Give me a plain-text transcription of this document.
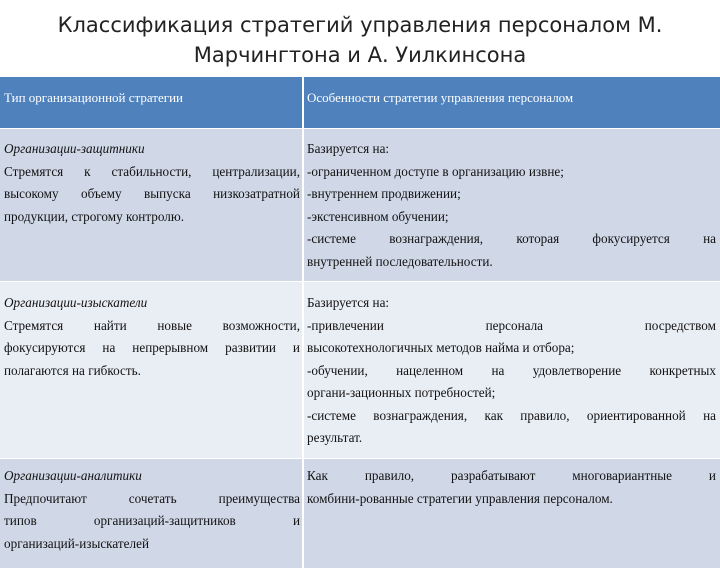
Классификация стратегий управления персоналом М.
Марчингтона и А. Уилкинсона
Тип организационной стратегии	Особенности стратегии управления персоналом
Организации-защитники
Стремятся к стабильности, централизации,
высокому объему выпуска низкозатратной
продукции, строгому контролю.
Базируется на:
-ограниченном доступе в организацию извне;
-внутреннем продвижении;
-экстенсивном обучении;
-системе вознаграждения, которая фокусируется на
внутренней последовательности.
Организации-изыскатели
Стремятся найти новые возможности,
фокусируются на непрерывном развитии и
полагаются на гибкость.
Базируется на:
-привлечении персонала посредством
высокотехнологичных методов найма и отбора;
-обучении, нацеленном на удовлетворение конкретных
органи-зационных потребностей;
-системе вознаграждения, как правило, ориентированной на
результат.
Организации-аналитики
Предпочитают сочетать преимущества
типов организаций-защитников и
организаций-изыскателей
Как правило, разрабатывают многовариантные и
комбини-рованные стратегии управления персоналом.
